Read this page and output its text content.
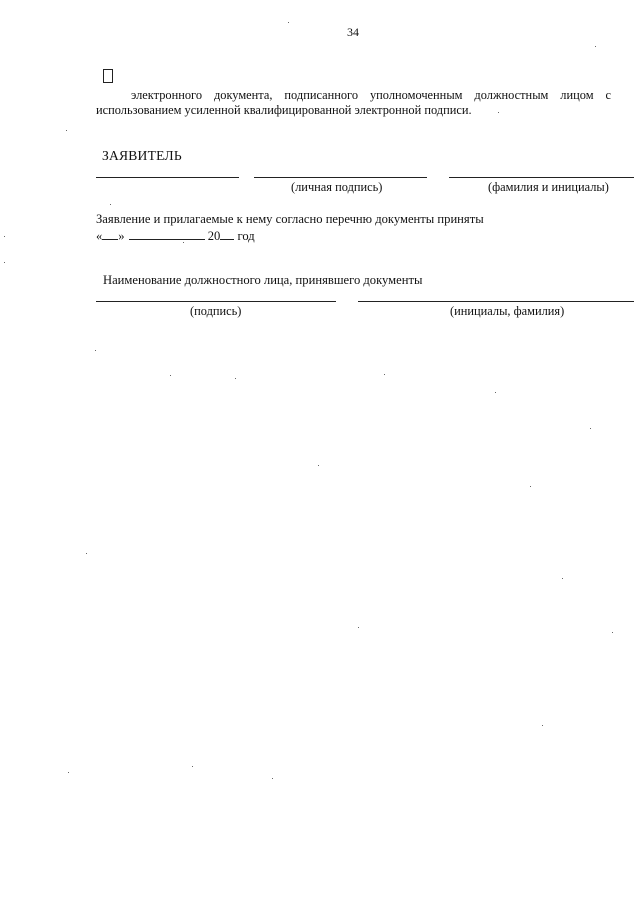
34
электронного документа, подписанного уполномоченным должностным лицом с
использованием усиленной квалифицированной электронной подписи.
ЗАЯВИТЕЛЬ
(личная подпись)	(фамилия и инициалы)
Заявление и прилагаемые к нему согласно перечню документы приняты
« »	20 год
Наименование должностного лица, принявшего документы
(подпись)	(инициалы, фамилия)
